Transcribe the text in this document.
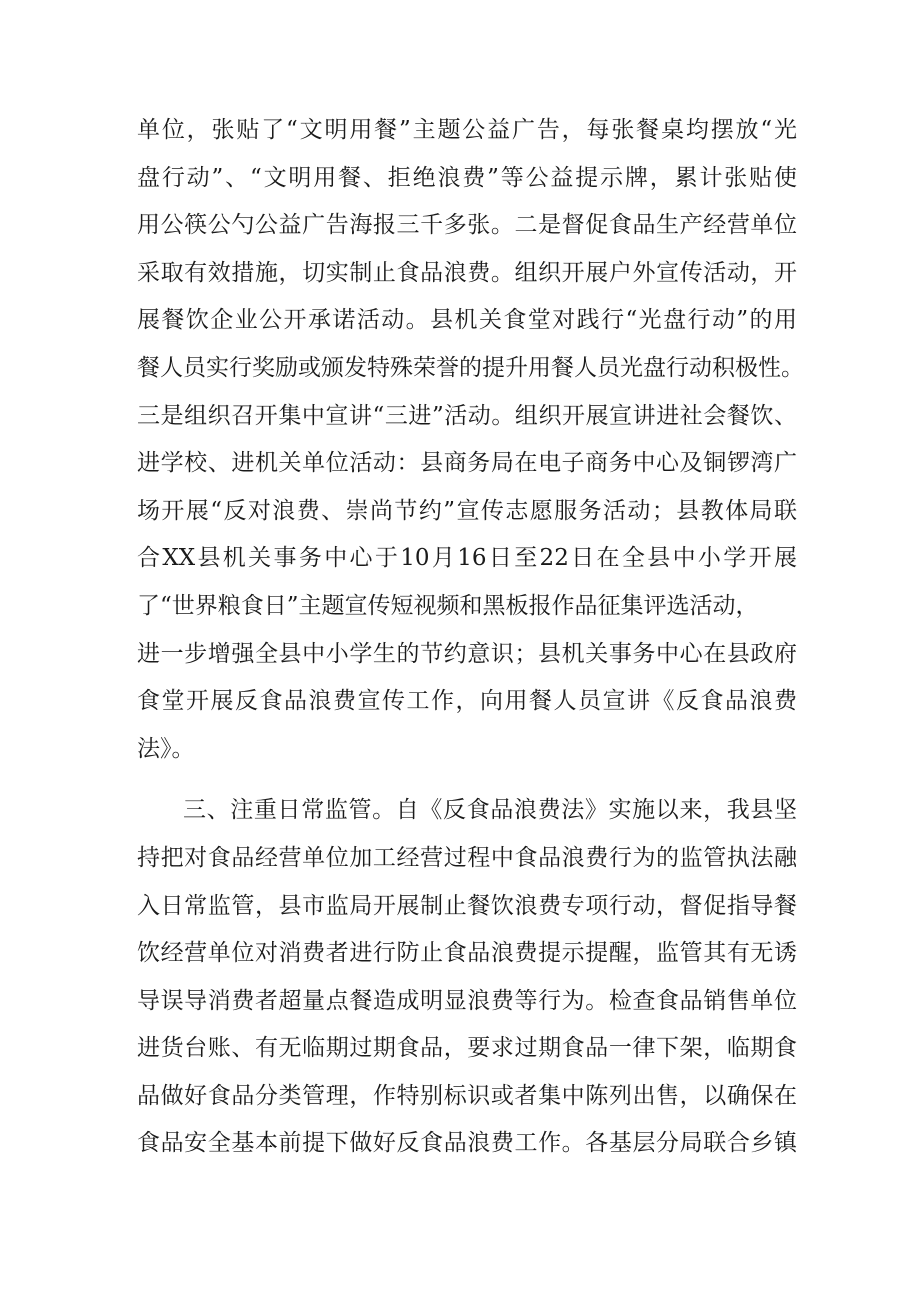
单位，张贴了“文明用餐”主题公益广告，每张餐桌均摆放“光
盘行动”、“文明用餐、拒绝浪费”等公益提示牌，累计张贴使
用公筷公勺公益广告海报三千多张。二是督促食品生产经营单位
采取有效措施，切实制止食品浪费。组织开展户外宣传活动，开
展餐饮企业公开承诺活动。县机关食堂对践行“光盘行动”的用
餐人员实行奖励或颁发特殊荣誉的提升用餐人员光盘行动积极性。
三是组织召开集中宣讲“三进”活动。组织开展宣讲进社会餐饮、
进学校、进机关单位活动：县商务局在电子商务中心及铜锣湾广
场开展“反对浪费、崇尚节约”宣传志愿服务活动；县教体局联
合XX县机关事务中心于10月16日至22日在全县中小学开展
了“世界粮食日”主题宣传短视频和黑板报作品征集评选活动，
进一步增强全县中小学生的节约意识；县机关事务中心在县政府
食堂开展反食品浪费宣传工作，向用餐人员宣讲《反食品浪费
法》。
三、注重日常监管。自《反食品浪费法》实施以来，我县坚
持把对食品经营单位加工经营过程中食品浪费行为的监管执法融
入日常监管，县市监局开展制止餐饮浪费专项行动，督促指导餐
饮经营单位对消费者进行防止食品浪费提示提醒，监管其有无诱
导误导消费者超量点餐造成明显浪费等行为。检查食品销售单位
进货台账、有无临期过期食品，要求过期食品一律下架，临期食
品做好食品分类管理，作特别标识或者集中陈列出售，以确保在
食品安全基本前提下做好反食品浪费工作。各基层分局联合乡镇
